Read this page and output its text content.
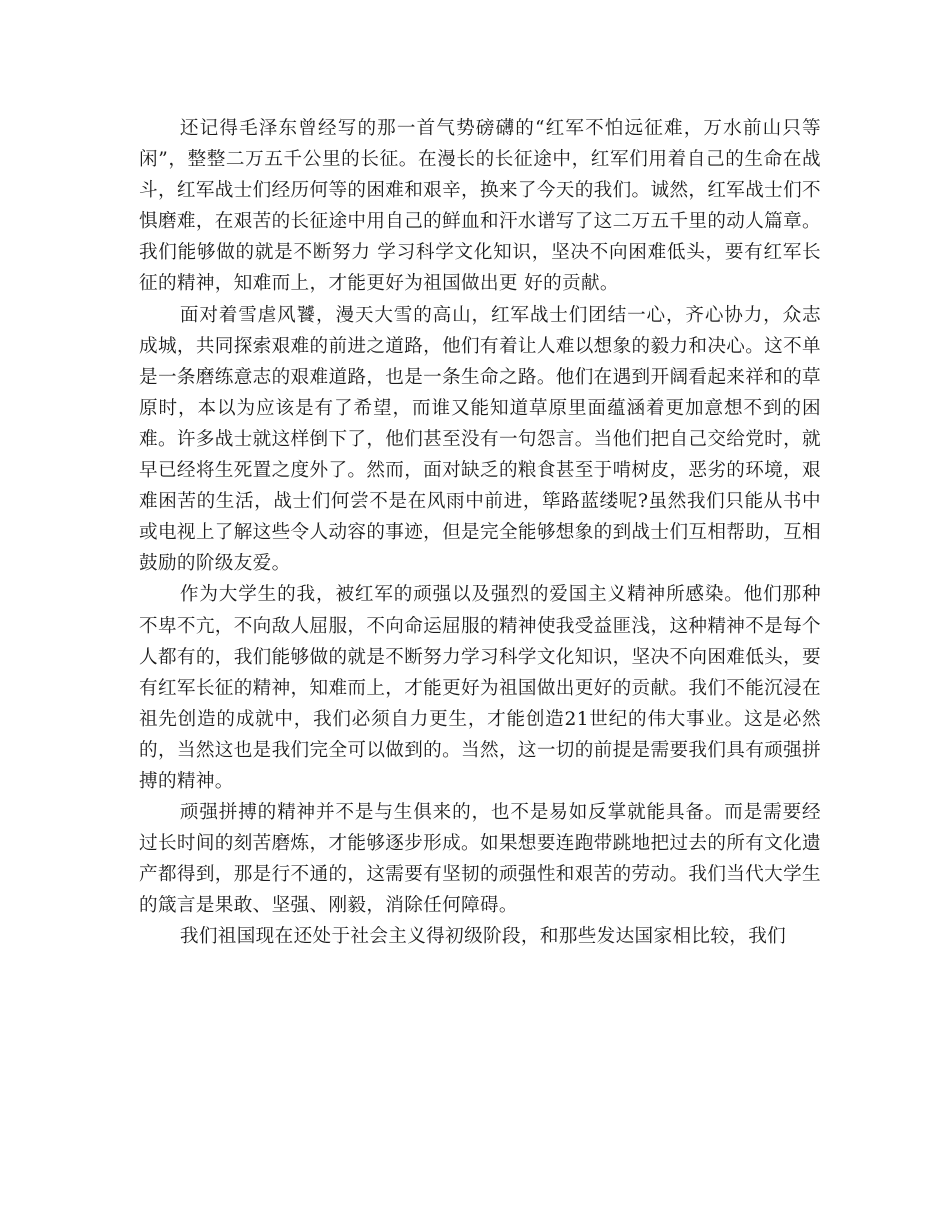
还记得毛泽东曾经写的那一首气势磅礴的“红军不怕远征难，万水前山只等闲”，整整二万五千公里的长征。在漫长的长征途中，红军们用着自己的生命在战斗，红军战士们经历何等的困难和艰辛，换来了今天的我们。诚然，红军战士们不惧磨难，在艰苦的长征途中用自己的鲜血和汗水谱写了这二万五千里的动人篇章。我们能够做的就是不断努力 学习科学文化知识，坚决不向困难低头，要有红军长征的精神，知难而上，才能更好为祖国做出更 好的贡献。

面对着雪虐风饕，漫天大雪的高山，红军战士们团结一心，齐心协力，众志成城，共同探索艰难的前进之道路，他们有着让人难以想象的毅力和决心。这不单是一条磨练意志的艰难道路，也是一条生命之路。他们在遇到开阔看起来祥和的草原时，本以为应该是有了希望，而谁又能知道草原里面蕴涵着更加意想不到的困难。许多战士就这样倒下了，他们甚至没有一句怨言。当他们把自己交给党时，就早已经将生死置之度外了。然而，面对缺乏的粮食甚至于啃树皮，恶劣的环境，艰难困苦的生活，战士们何尝不是在风雨中前进，筚路蓝缕呢?虽然我们只能从书中或电视上了解这些令人动容的事迹，但是完全能够想象的到战士们互相帮助，互相鼓励的阶级友爱。

作为大学生的我，被红军的顽强以及强烈的爱国主义精神所感染。他们那种不卑不亢，不向敌人屈服，不向命运屈服的精神使我受益匪浅，这种精神不是每个人都有的，我们能够做的就是不断努力学习科学文化知识，坚决不向困难低头，要有红军长征的精神，知难而上，才能更好为祖国做出更好的贡献。我们不能沉浸在祖先创造的成就中，我们必须自力更生，才能创造21世纪的伟大事业。这是必然的，当然这也是我们完全可以做到的。当然，这一切的前提是需要我们具有顽强拼搏的精神。

顽强拼搏的精神并不是与生俱来的，也不是易如反掌就能具备。而是需要经过长时间的刻苦磨炼，才能够逐步形成。如果想要连跑带跳地把过去的所有文化遗产都得到，那是行不通的，这需要有坚韧的顽强性和艰苦的劳动。我们当代大学生的箴言是果敢、坚强、刚毅，消除任何障碍。

我们祖国现在还处于社会主义得初级阶段，和那些发达国家相比较，我们
